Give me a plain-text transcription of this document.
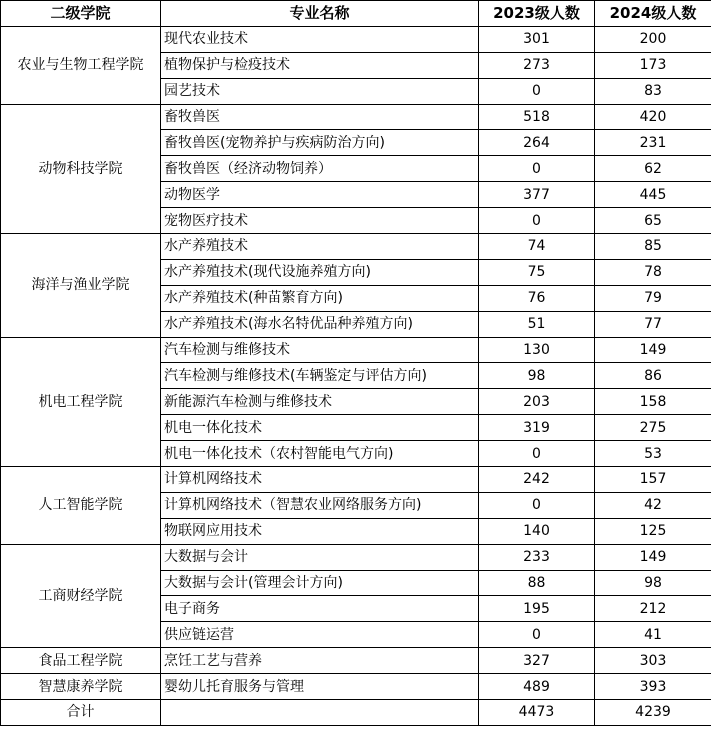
二级学院	专业名称	2023级人数	2024级人数
农业与生物工程学院	现代农业技术	301	200
	植物保护与检疫技术	273	173
	园艺技术	0	83
动物科技学院	畜牧兽医	518	420
	畜牧兽医(宠物养护与疾病防治方向)	264	231
	畜牧兽医（经济动物饲养）	0	62
	动物医学	377	445
	宠物医疗技术	0	65
海洋与渔业学院	水产养殖技术	74	85
	水产养殖技术(现代设施养殖方向)	75	78
	水产养殖技术(种苗繁育方向)	76	79
	水产养殖技术(海水名特优品种养殖方向)	51	77
机电工程学院	汽车检测与维修技术	130	149
	汽车检测与维修技术(车辆鉴定与评估方向)	98	86
	新能源汽车检测与维修技术	203	158
	机电一体化技术	319	275
	机电一体化技术（农村智能电气方向)	0	53
人工智能学院	计算机网络技术	242	157
	计算机网络技术（智慧农业网络服务方向)	0	42
	物联网应用技术	140	125
工商财经学院	大数据与会计	233	149
	大数据与会计(管理会计方向)	88	98
	电子商务	195	212
	供应链运营	0	41
食品工程学院	烹饪工艺与营养	327	303
智慧康养学院	婴幼儿托育服务与管理	489	393
合计		4473	4239
